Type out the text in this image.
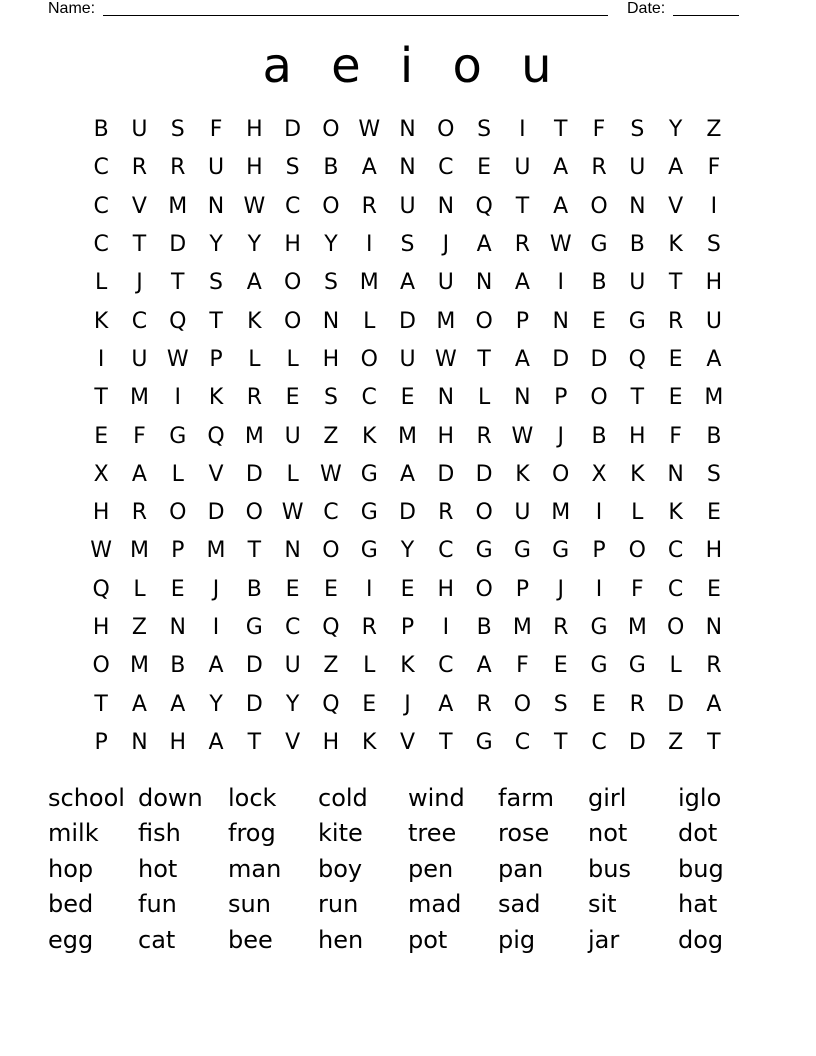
Name:	Date:
a e i o u
B	U	S	F	H D O W N O	S	I	T	F	S	Y	Z
C	R	R	U H	S	B	A	N	C	E	U	A	R	U	A	F
C	V M N W C O R	U	N Q	T	A	O N	V	I
C	T	D	Y	Y	H	Y	I	S	J	A	R W G	B	K	S
L	J	T	S	A	O	S M A	U	N	A	I	B	U	T	H
K	C Q	T	K	O N	L	D M O	P	N	E	G	R	U
I	U W P	L	L	H O U W T	A	D D Q	E	A
T	M	I	K	R	E	S	C	E	N	L	N	P	O	T	E M
E	F	G Q M U	Z	K M H	R W	J	B	H	F	B
X	A	L	V	D	L W G	A	D D	K	O	X	K	N	S
H	R O D O W C	G D	R O U M	I	L	K	E
W M	P	M	T	N O G	Y	C	G G G	P	O C	H
Q	L	E	J	B	E	E	I	E	H O	P	J	I	F	C	E
H	Z	N	I	G	C Q R	P	I	B M R	G M O N
O M B	A	D U	Z	L	K	C	A	F	E	G G	L	R
T	A	A	Y	D	Y	Q	E	J	A	R O	S	E	R	D	A
P	N H	A	T	V	H	K	V	T	G	C	T	C	D	Z	T
school down	lock	cold	wind	farm	girl	iglo
milk	fish	frog	kite	tree	rose	not	dot
hop	hot	man	boy	pen	pan	bus	bug
bed	fun	sun	run	mad	sad	sit	hat
egg	cat	bee	hen	pot	pig	jar	dog
